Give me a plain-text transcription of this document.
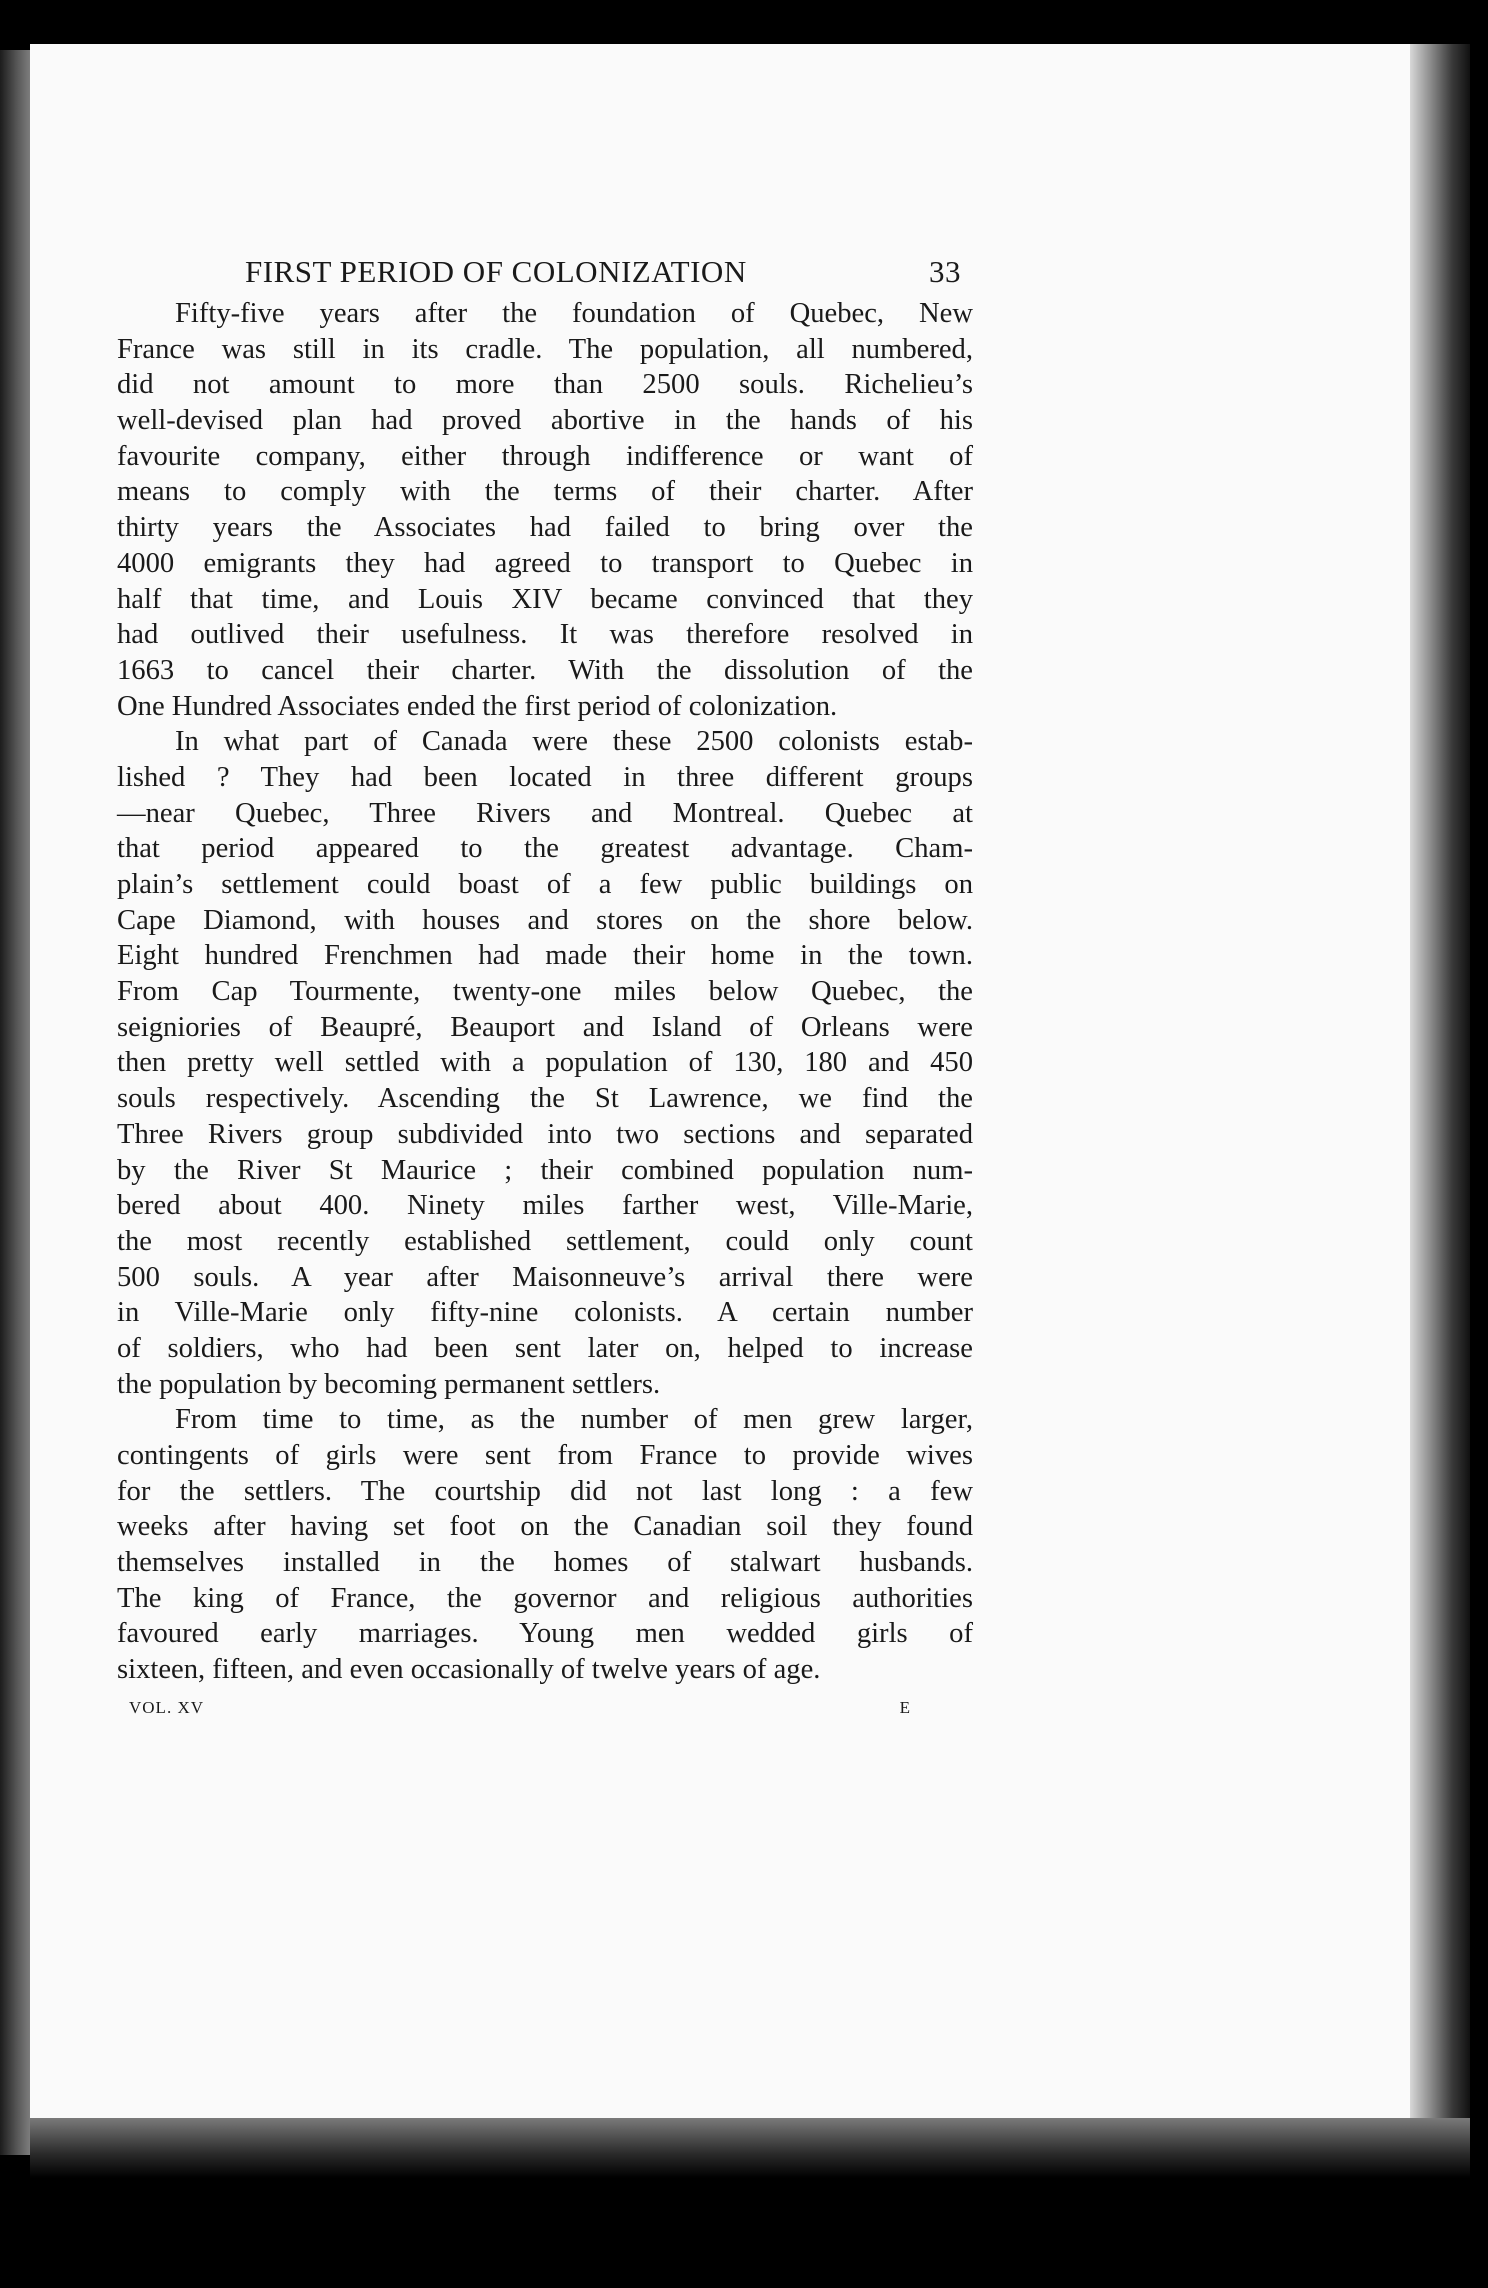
FIRST PERIOD OF COLONIZATION	33
Fifty-five years after the foundation of Quebec, New
France was still in its cradle. The population, all numbered,
did not amount to more than 2500 souls. Richelieu’s
well-devised plan had proved abortive in the hands of his
favourite company, either through indifference or want of
means to comply with the terms of their charter. After
thirty years the Associates had failed to bring over the
4000 emigrants they had agreed to transport to Quebec in
half that time, and Louis XIV became convinced that they
had outlived their usefulness. It was therefore resolved in
1663 to cancel their charter. With the dissolution of the
One Hundred Associates ended the first period of colonization.
In what part of Canada were these 2500 colonists estab-
lished ? They had been located in three different groups
—near Quebec, Three Rivers and Montreal. Quebec at
that period appeared to the greatest advantage. Cham-
plain’s settlement could boast of a few public buildings on
Cape Diamond, with houses and stores on the shore below.
Eight hundred Frenchmen had made their home in the town.
From Cap Tourmente, twenty-one miles below Quebec, the
seigniories of Beaupré, Beauport and Island of Orleans were
then pretty well settled with a population of 130, 180 and 450
souls respectively. Ascending the St Lawrence, we find the
Three Rivers group subdivided into two sections and separated
by the River St Maurice ; their combined population num-
bered about 400. Ninety miles farther west, Ville-Marie,
the most recently established settlement, could only count
500 souls. A year after Maisonneuve’s arrival there were
in Ville-Marie only fifty-nine colonists. A certain number
of soldiers, who had been sent later on, helped to increase
the population by becoming permanent settlers.
From time to time, as the number of men grew larger,
contingents of girls were sent from France to provide wives
for the settlers. The courtship did not last long : a few
weeks after having set foot on the Canadian soil they found
themselves installed in the homes of stalwart husbands.
The king of France, the governor and religious authorities
favoured early marriages. Young men wedded girls of
sixteen, fifteen, and even occasionally of twelve years of age.
VOL. XV	E
